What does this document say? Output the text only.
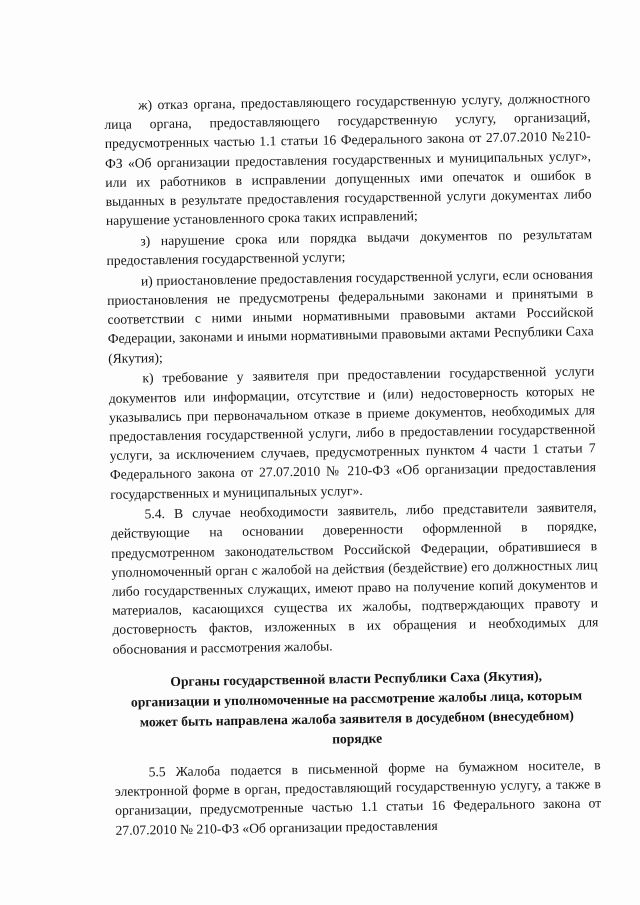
ж) отказ органа, предоставляющего государственную услугу, должностного лица органа, предоставляющего государственную услугу, организаций, предусмотренных частью 1.1 статьи 16 Федерального закона от 27.07.2010 №210-ФЗ «Об организации предоставления государственных и муниципальных услуг», или их работников в исправлении допущенных ими опечаток и ошибок в выданных в результате предоставления государственной услуги документах либо нарушение установленного срока таких исправлений;

з) нарушение срока или порядка выдачи документов по результатам предоставления государственной услуги;

и) приостановление предоставления государственной услуги, если основания приостановления не предусмотрены федеральными законами и принятыми в соответствии с ними иными нормативными правовыми актами Российской Федерации, законами и иными нормативными правовыми актами Республики Саха (Якутия);

к) требование у заявителя при предоставлении государственной услуги документов или информации, отсутствие и (или) недостоверность которых не указывались при первоначальном отказе в приеме документов, необходимых для предоставления государственной услуги, либо в предоставлении государственной услуги, за исключением случаев, предусмотренных пунктом 4 части 1 статьи 7 Федерального закона от 27.07.2010 № 210-ФЗ «Об организации предоставления государственных и муниципальных услуг».

5.4. В случае необходимости заявитель, либо представители заявителя, действующие на основании доверенности оформленной в порядке, предусмотренном законодательством Российской Федерации, обратившиеся в уполномоченный орган с жалобой на действия (бездействие) его должностных лиц либо государственных служащих, имеют право на получение копий документов и материалов, касающихся существа их жалобы, подтверждающих правоту и достоверность фактов, изложенных в их обращения и необходимых для обоснования и рассмотрения жалобы.

Органы государственной власти Республики Саха (Якутия),
организации и уполномоченные на рассмотрение жалобы лица, которым
может быть направлена жалоба заявителя в досудебном (внесудебном)
порядке

5.5 Жалоба подается в письменной форме на бумажном носителе, в электронной форме в орган, предоставляющий государственную услугу, а также в организации, предусмотренные частью 1.1 статьи 16 Федерального закона от 27.07.2010 № 210-ФЗ «Об организации предоставления
